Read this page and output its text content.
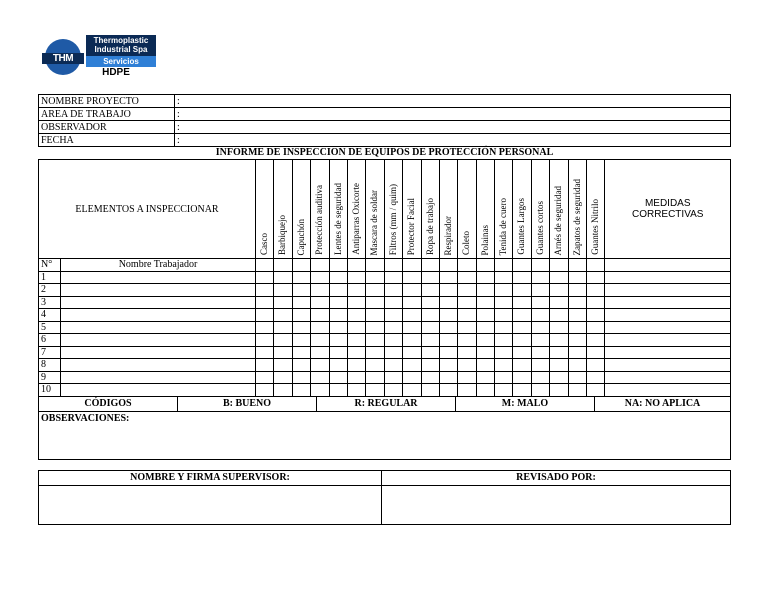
THM
Thermoplastic
Industrial Spa
Servicios
HDPE
NOMBRE PROYECTO	:
AREA DE TRABAJO	:
OBSERVADOR	:
FECHA	:
INFORME DE INSPECCION DE EQUIPOS DE PROTECCIÓN PERSONAL
ELEMENTOS A INSPECCIONAR		Casco	Barbiquejo	Capuchón	Protección auditiva	Lentes de seguridad	Antiparras Oxicorte	Mascara de soldar	Filtros (mm / quim)	Protector Facial	Ropa de trabajo	Respirador	Coleto	Polainas	Tenida de cuero	Guantes Largos	Guantes cortos	Arnés de seguridad	Zapatos de seguridad	Guantes Nitrilo	MEDIDAS CORRECTIVAS
N°	Nombre Trabajador																				
1																					
2																					
3																					
4																					
5																					
6																					
7																					
8																					
9																					
10																					
CÓDIGOS	B: BUENO	R: REGULAR	M: MALO	NA: NO APLICA
OBSERVACIONES:
NOMBRE Y FIRMA SUPERVISOR:	REVISADO POR:
